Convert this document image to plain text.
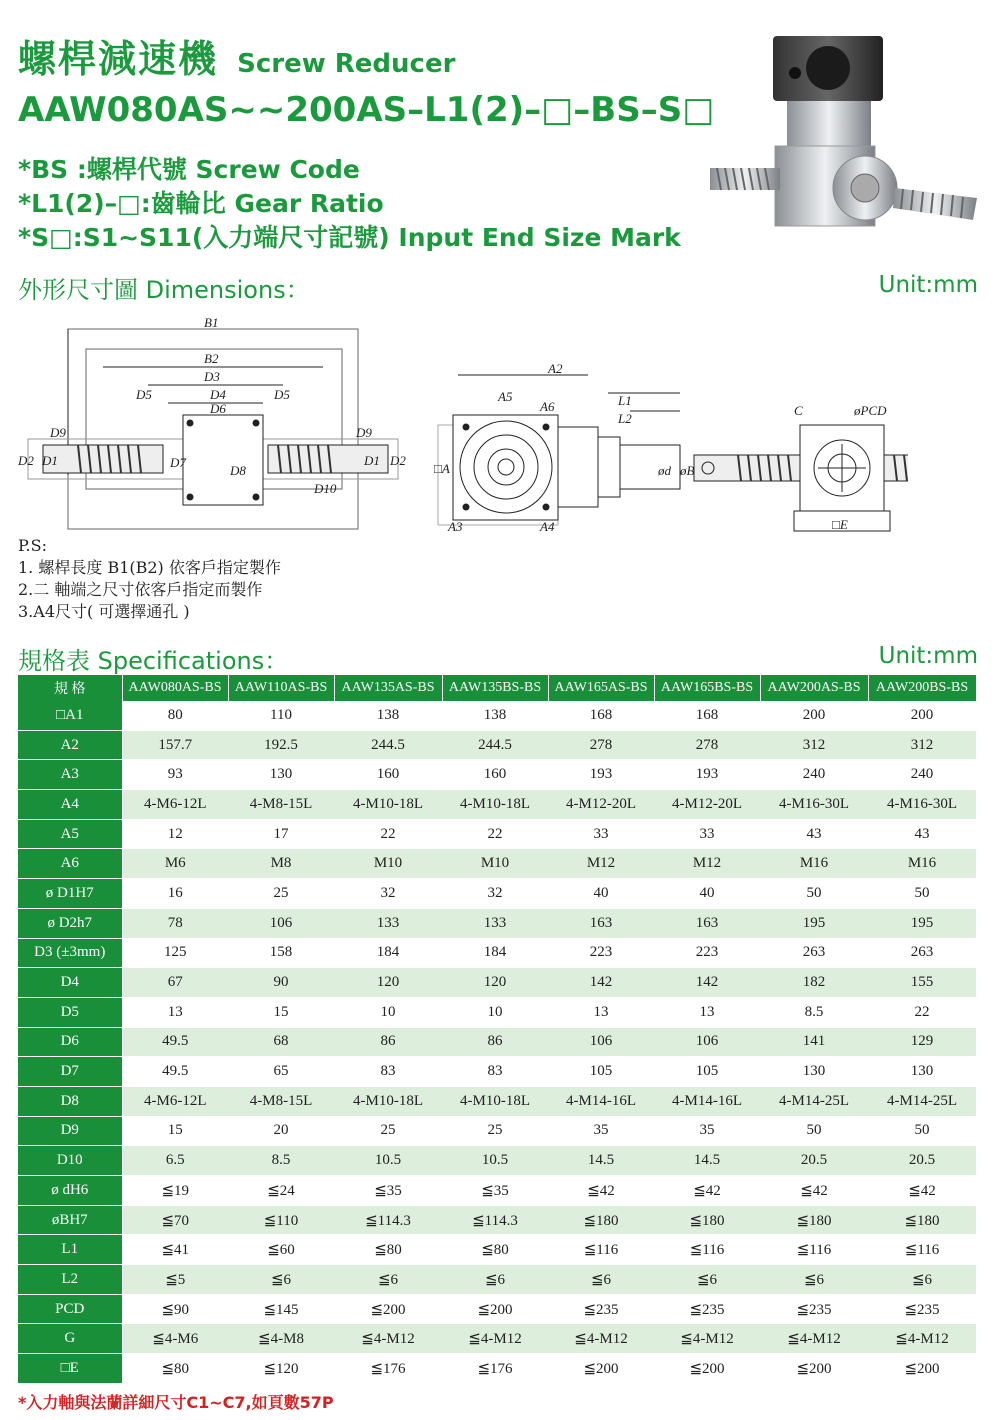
螺桿減速機 Screw Reducer
AAW080AS~~200AS–L1(2)–□–BS–S□
*BS :螺桿代號 Screw Code
*L1(2)–□:齒輪比 Gear Ratio
*S□:S1~S11(入力端尺寸記號) Input End Size Mark
外形尺寸圖 Dimensions：	Unit:mm
B1
B2
D3
D4
D5	D5
D6
D9	D9
D2	D2
D1	D1
D7
D8
D10
A2
A5
A6
□A
A3	A4
L1
L2
ød øB
C	øPCD
□E
P.S:
1. 螺桿長度 B1(B2) 依客戶指定製作
2.二 軸端之尺寸依客戶指定而製作
3.A4尺寸( 可選擇通孔 )
規格表 Specifications：	Unit:mm
規 格	AAW080AS-BS	AAW110AS-BS	AAW135AS-BS	AAW135BS-BS	AAW165AS-BS	AAW165BS-BS	AAW200AS-BS	AAW200BS-BS
□A1	80	110	138	138	168	168	200	200
A2	157.7	192.5	244.5	244.5	278	278	312	312
A3	93	130	160	160	193	193	240	240
A4	4-M6-12L	4-M8-15L	4-M10-18L	4-M10-18L	4-M12-20L	4-M12-20L	4-M16-30L	4-M16-30L
A5	12	17	22	22	33	33	43	43
A6	M6	M8	M10	M10	M12	M12	M16	M16
ø D1H7	16	25	32	32	40	40	50	50
ø D2h7	78	106	133	133	163	163	195	195
D3 (±3mm)	125	158	184	184	223	223	263	263
D4	67	90	120	120	142	142	182	155
D5	13	15	10	10	13	13	8.5	22
D6	49.5	68	86	86	106	106	141	129
D7	49.5	65	83	83	105	105	130	130
D8	4-M6-12L	4-M8-15L	4-M10-18L	4-M10-18L	4-M14-16L	4-M14-16L	4-M14-25L	4-M14-25L
D9	15	20	25	25	35	35	50	50
D10	6.5	8.5	10.5	10.5	14.5	14.5	20.5	20.5
ø dH6	≦19	≦24	≦35	≦35	≦42	≦42	≦42	≦42
øBH7	≦70	≦110	≦114.3	≦114.3	≦180	≦180	≦180	≦180
L1	≦41	≦60	≦80	≦80	≦116	≦116	≦116	≦116
L2	≦5	≦6	≦6	≦6	≦6	≦6	≦6	≦6
PCD	≦90	≦145	≦200	≦200	≦235	≦235	≦235	≦235
G	≦4-M6	≦4-M8	≦4-M12	≦4-M12	≦4-M12	≦4-M12	≦4-M12	≦4-M12
□E	≦80	≦120	≦176	≦176	≦200	≦200	≦200	≦200
*入力軸與法蘭詳細尺寸C1~C7,如頁數57P
